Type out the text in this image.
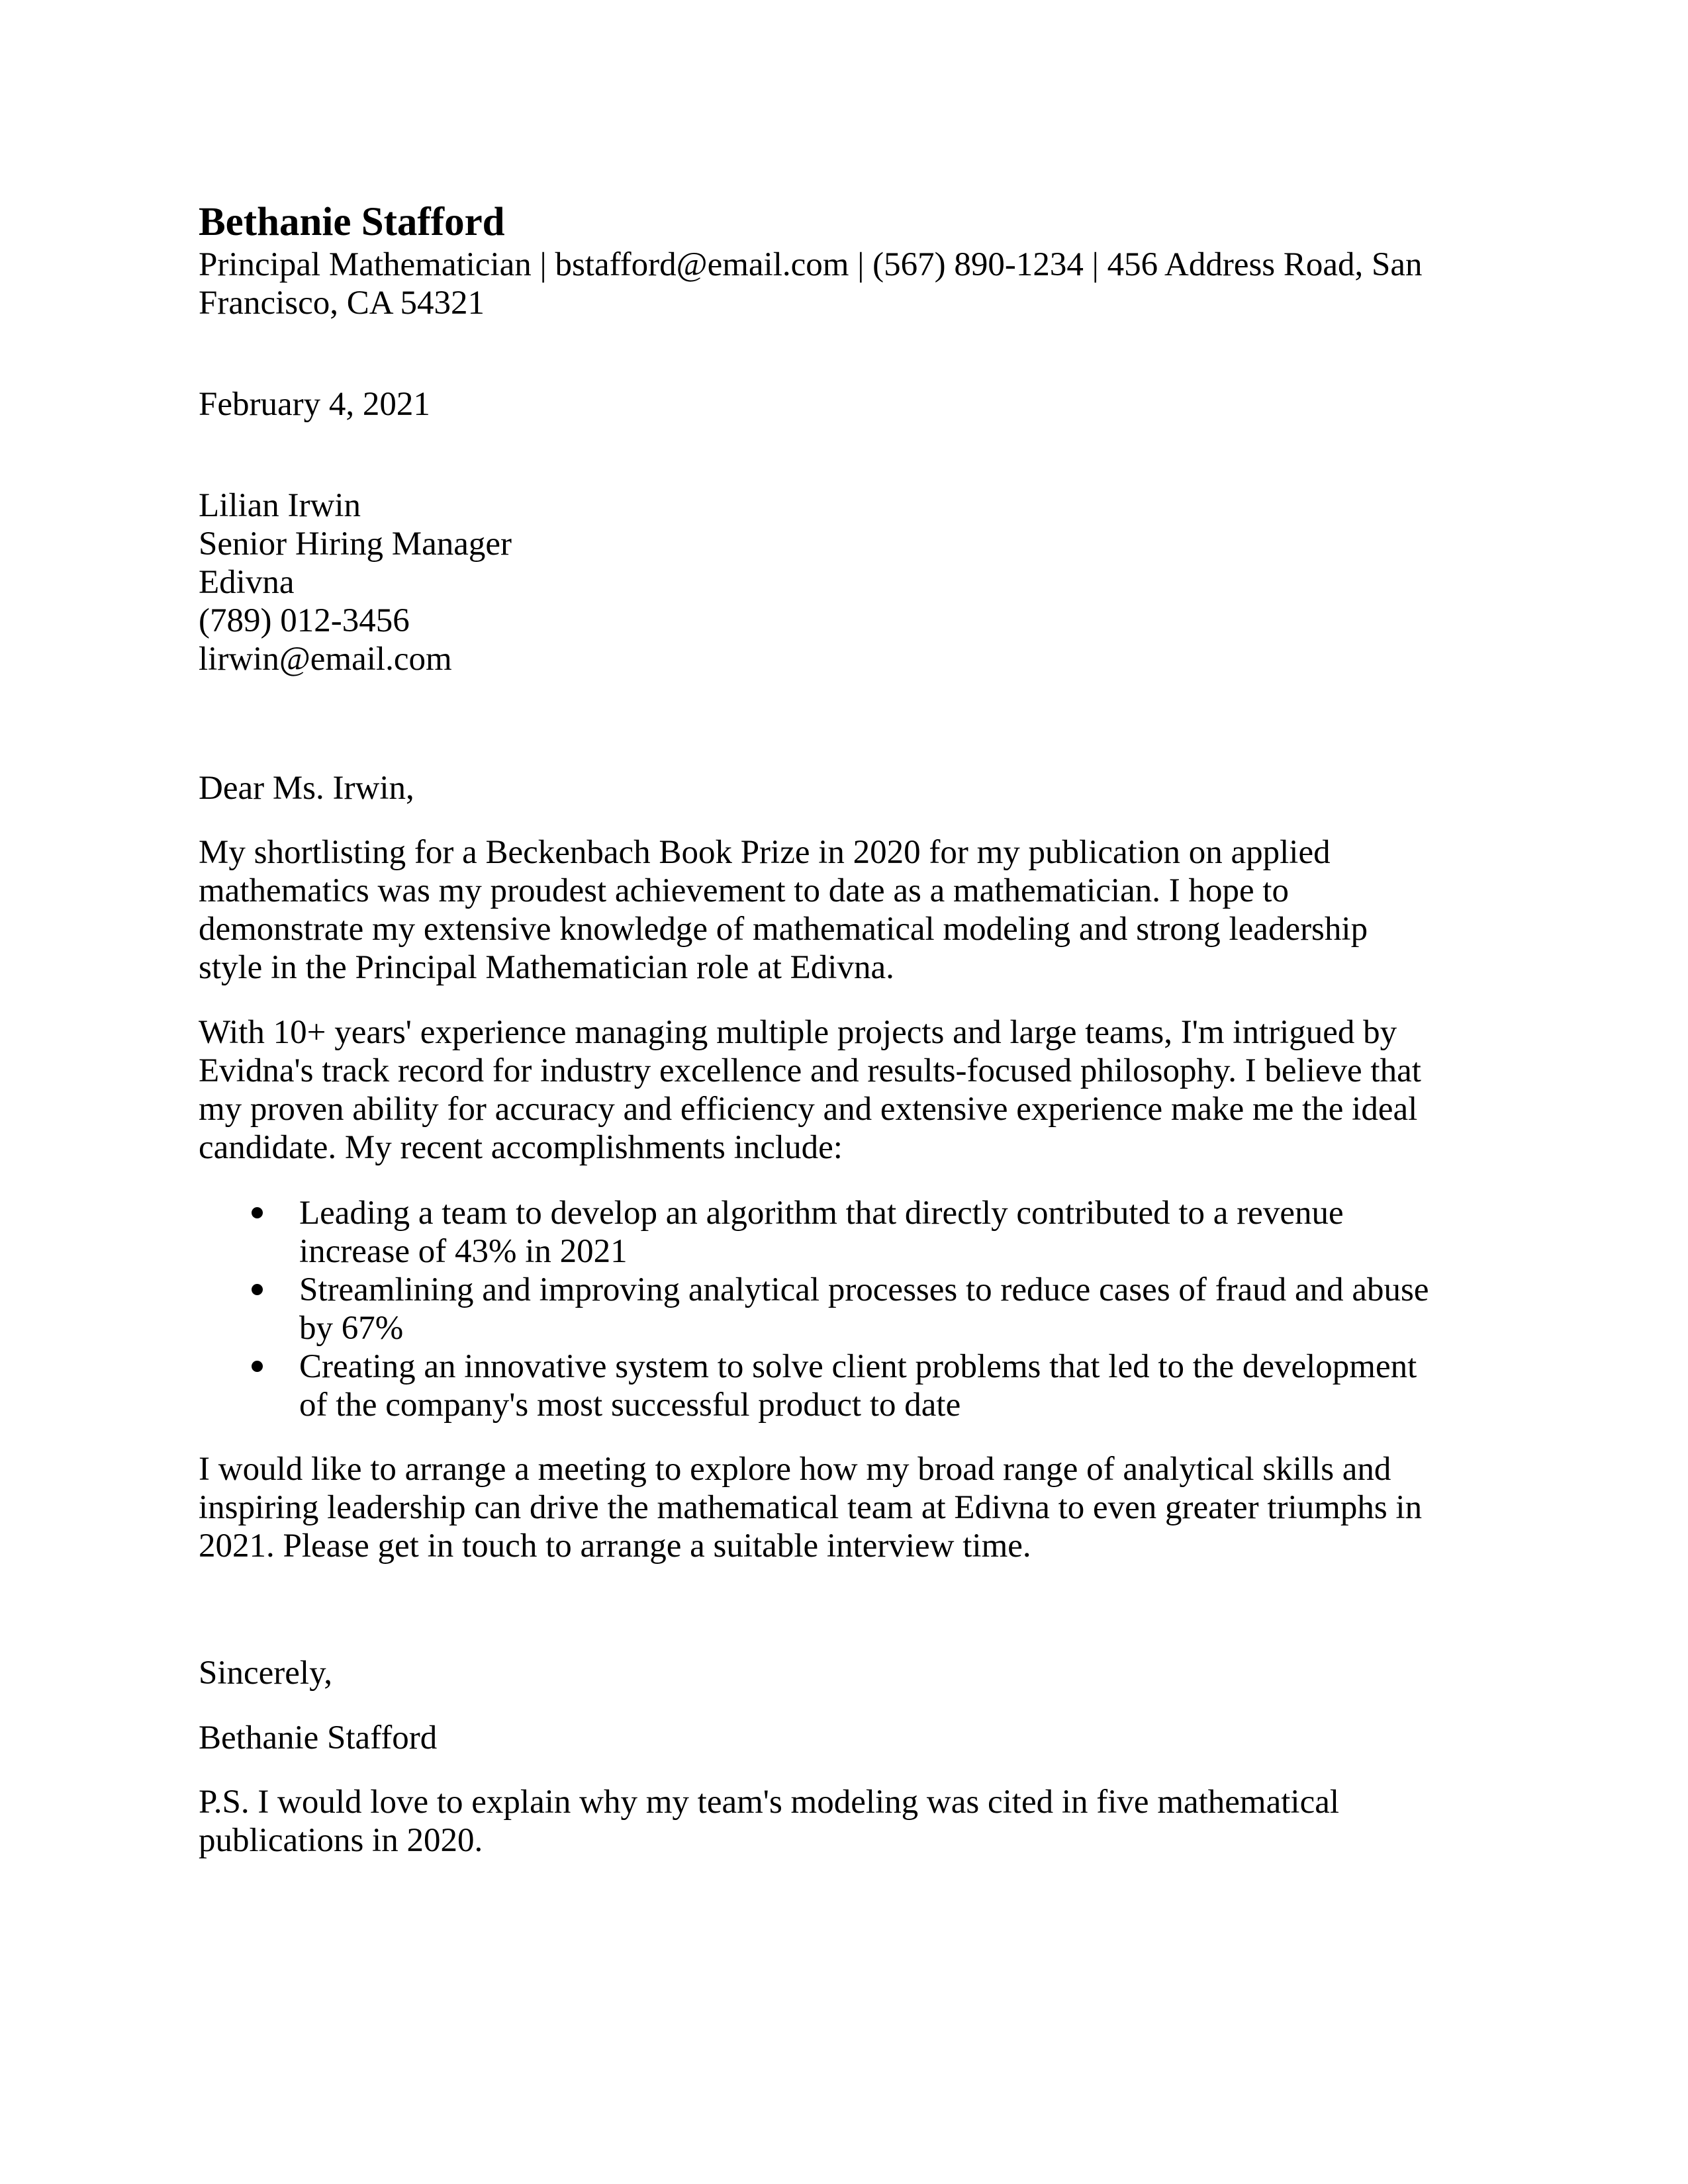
Bethanie Stafford
Principal Mathematician | bstafford@email.com | (567) 890-1234 | 456 Address Road, San
Francisco, CA 54321
February 4, 2021
Lilian Irwin
Senior Hiring Manager
Edivna
(789) 012-3456
lirwin@email.com
Dear Ms. Irwin,
My shortlisting for a Beckenbach Book Prize in 2020 for my publication on applied
mathematics was my proudest achievement to date as a mathematician. I hope to
demonstrate my extensive knowledge of mathematical modeling and strong leadership
style in the Principal Mathematician role at Edivna.
With 10+ years' experience managing multiple projects and large teams, I'm intrigued by
Evidna's track record for industry excellence and results-focused philosophy. I believe that
my proven ability for accuracy and efficiency and extensive experience make me the ideal
candidate. My recent accomplishments include:
Leading a team to develop an algorithm that directly contributed to a revenue
increase of 43% in 2021
Streamlining and improving analytical processes to reduce cases of fraud and abuse
by 67%
Creating an innovative system to solve client problems that led to the development
of the company's most successful product to date
I would like to arrange a meeting to explore how my broad range of analytical skills and
inspiring leadership can drive the mathematical team at Edivna to even greater triumphs in
2021. Please get in touch to arrange a suitable interview time.
Sincerely,
Bethanie Stafford
P.S. I would love to explain why my team's modeling was cited in five mathematical
publications in 2020.
